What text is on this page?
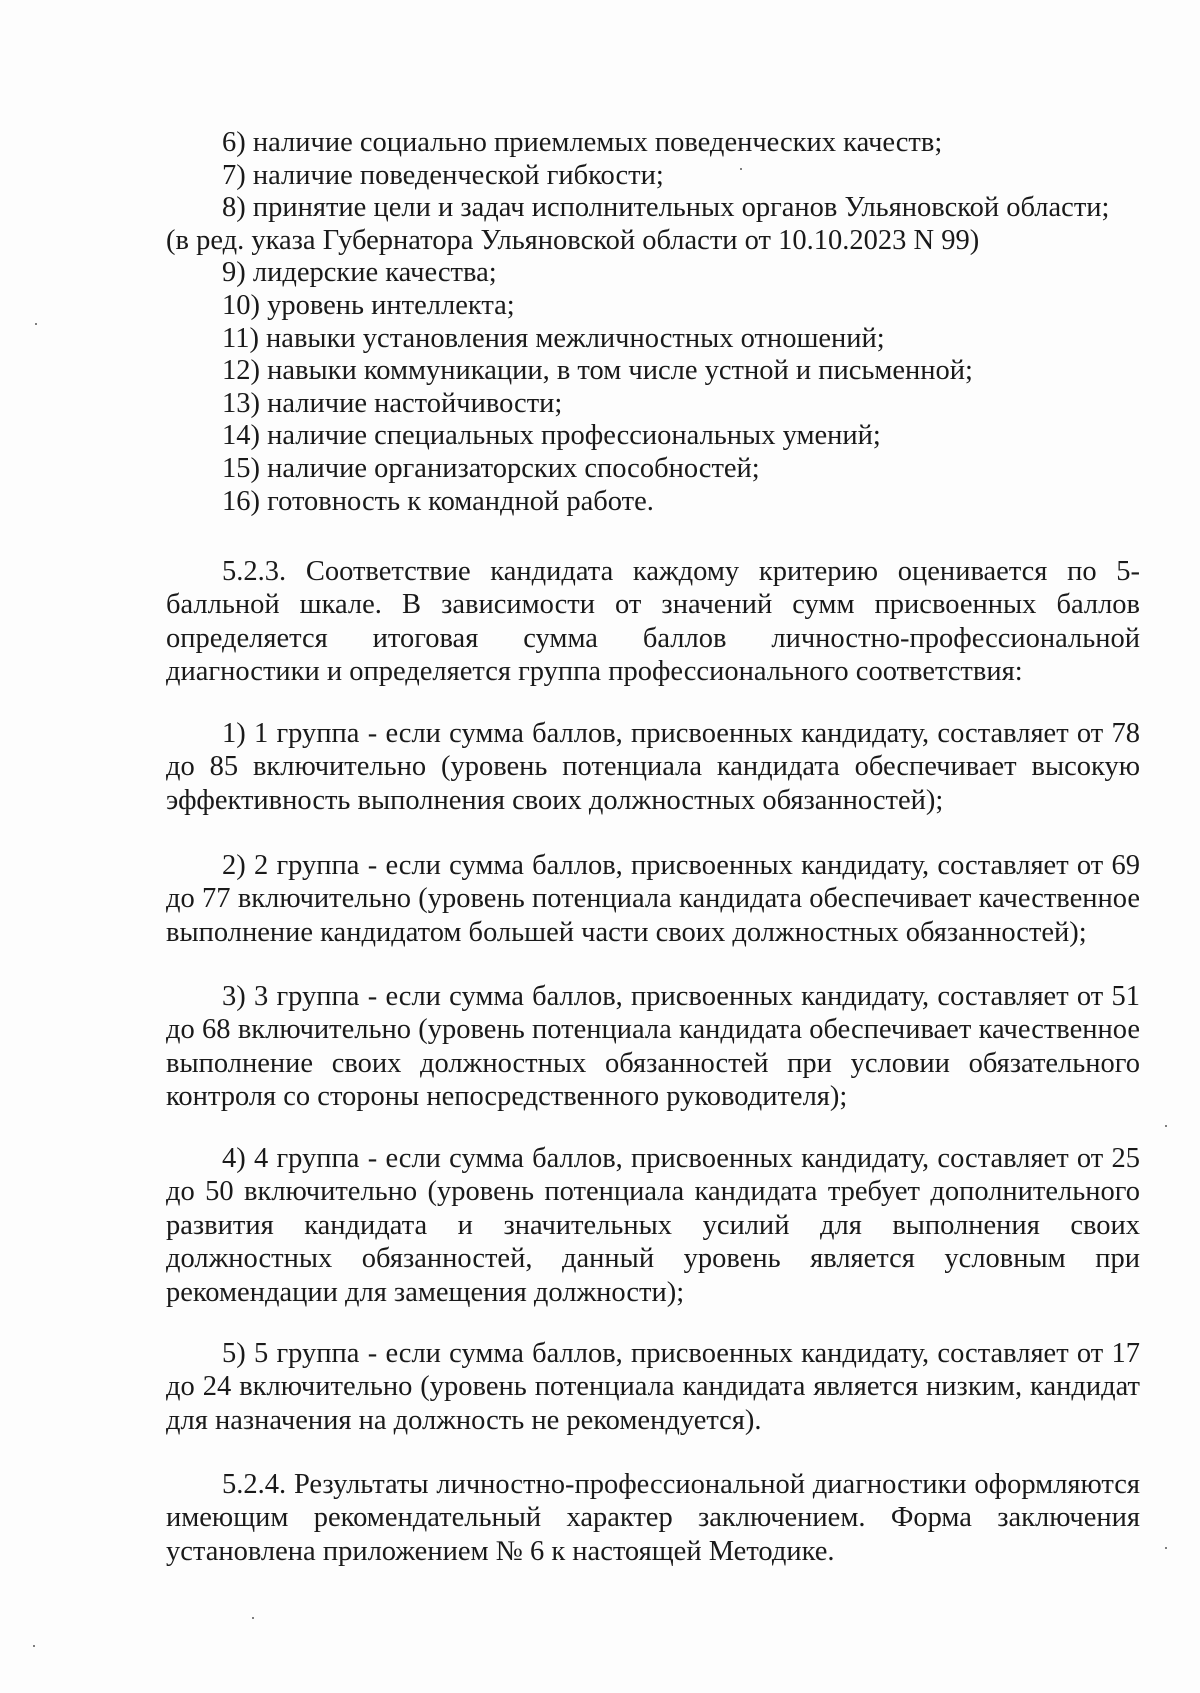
6) наличие социально приемлемых поведенческих качеств;

7) наличие поведенческой гибкости;

8) принятие цели и задач исполнительных органов Ульяновской области;

(в ред. указа Губернатора Ульяновской области от 10.10.2023 N 99)

9) лидерские качества;

10) уровень интеллекта;

11) навыки установления межличностных отношений;

12) навыки коммуникации, в том числе устной и письменной;

13) наличие настойчивости;

14) наличие специальных профессиональных умений;

15) наличие организаторских способностей;

16) готовность к командной работе.

5.2.3. Соответствие кандидата каждому критерию оценивается по 5-балльной шкале. В зависимости от значений сумм присвоенных баллов определяется итоговая сумма баллов личностно-профессиональной диагностики и определяется группа профессионального соответствия:

1) 1 группа - если сумма баллов, присвоенных кандидату, составляет от 78 до 85 включительно (уровень потенциала кандидата обеспечивает высокую эффективность выполнения своих должностных обязанностей);

2) 2 группа - если сумма баллов, присвоенных кандидату, составляет от 69 до 77 включительно (уровень потенциала кандидата обеспечивает качественное выполнение кандидатом большей части своих должностных обязанностей);

3) 3 группа - если сумма баллов, присвоенных кандидату, составляет от 51 до 68 включительно (уровень потенциала кандидата обеспечивает качественное выполнение своих должностных обязанностей при условии обязательного контроля со стороны непосредственного руководителя);

4) 4 группа - если сумма баллов, присвоенных кандидату, составляет от 25 до 50 включительно (уровень потенциала кандидата требует дополнительного развития кандидата и значительных усилий для выполнения своих должностных обязанностей, данный уровень является условным при рекомендации для замещения должности);

5) 5 группа - если сумма баллов, присвоенных кандидату, составляет от 17 до 24 включительно (уровень потенциала кандидата является низким, кандидат для назначения на должность не рекомендуется).

5.2.4. Результаты личностно-профессиональной диагностики оформляются имеющим рекомендательный характер заключением. Форма заключения установлена приложением № 6 к настоящей Методике.
